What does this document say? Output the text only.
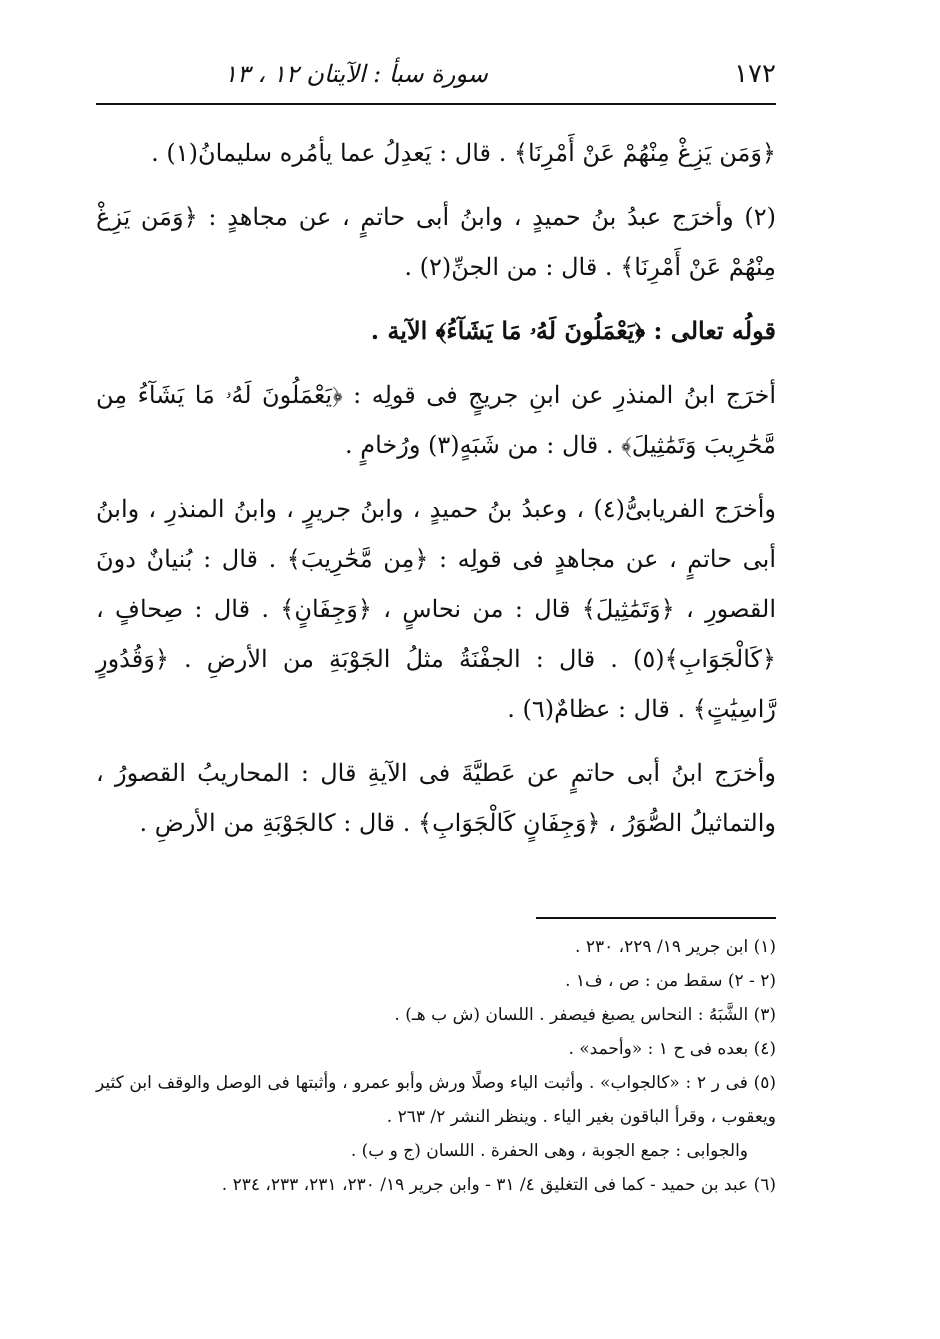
١٧٢
سورة سبأ : الآيتان ١٢ ، ١٣

﴿وَمَن يَزِغْ مِنْهُمْ عَنْ أَمْرِنَا﴾ . قال : يَعدِلُ عما يأمُره سليمانُ(١) .

(٢) وأخرَج عبدُ بنُ حميدٍ ، وابنُ أبى حاتمٍ ، عن مجاهدٍ : ﴿وَمَن يَزِغْ مِنْهُمْ عَنْ أَمْرِنَا﴾ . قال : من الجنِّ(٢) .

قولُه تعالى : ﴿يَعْمَلُونَ لَهُۥ مَا يَشَآءُ﴾ الآية .

أخرَج ابنُ المنذرِ عن ابنِ جريجٍ فى قولِه : ﴿يَعْمَلُونَ لَهُۥ مَا يَشَآءُ مِن مَّحَٰرِيبَ وَتَمَٰثِيلَ﴾ . قال : من شَبَهٍ(٣) ورُخامٍ .

وأخرَج الفريابىُّ(٤) ، وعبدُ بنُ حميدٍ ، وابنُ جريرٍ ، وابنُ المنذرِ ، وابنُ أبى حاتمٍ ، عن مجاهدٍ فى قولِه : ﴿مِن مَّحَٰرِيبَ﴾ . قال : بُنيانٌ دونَ القصورِ ، ﴿وَتَمَٰثِيلَ﴾ قال : من نحاسٍ ، ﴿وَجِفَانٍ﴾ . قال : صِحافٍ ، ﴿كَالْجَوَابِ﴾(٥) . قال : الجفْنَةُ مثلُ الجَوْبَةِ من الأرضِ . ﴿وَقُدُورٍ رَّاسِيَٰتٍ﴾ . قال : عظامٌ(٦) .

وأخرَج ابنُ أبى حاتمٍ عن عَطيَّةَ فى الآيةِ قال : المحاريبُ القصورُ ، والتماثيلُ الصُّوَرُ ، ﴿وَجِفَانٍ كَالْجَوَابِ﴾ . قال : كالجَوْبَةِ من الأرضِ .

(١) ابن جرير ١٩/ ٢٢٩، ٢٣٠ .

(٢ - ٢) سقط من : ص ، ف١ .

(٣) الشَّبَهُ : النحاس يصبغ فيصفر . اللسان (ش ب هـ) .

(٤) بعده فى ح ١ : «وأحمد» .

(٥) فى ر ٢ : «كالجواب» . وأثبت الياء وصلًا ورش وأبو عمرو ، وأثبتها فى الوصل والوقف ابن كثير ويعقوب ، وقرأ الباقون بغير الياء . وينظر النشر ٢/ ٢٦٣ .

والجوابى : جمع الجوبة ، وهى الحفرة . اللسان (ج و ب) .

(٦) عبد بن حميد - كما فى التغليق ٤/ ٣١ - وابن جرير ١٩/ ٢٣٠، ٢٣١، ٢٣٣، ٢٣٤ .
